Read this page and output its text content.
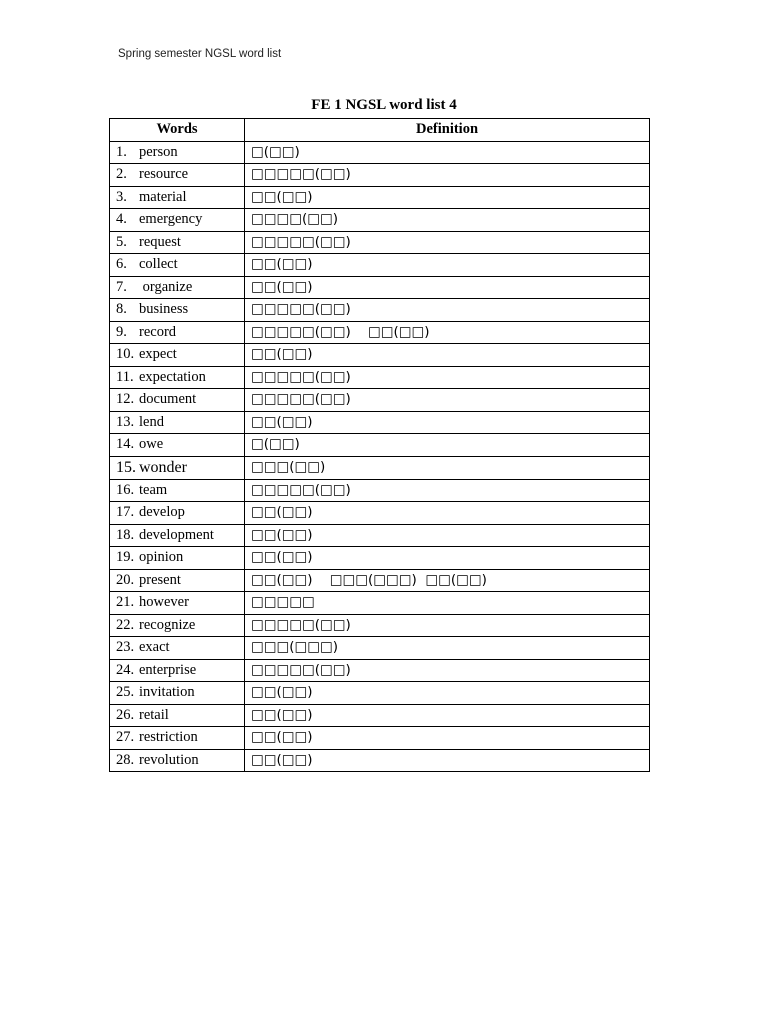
Spring semester NGSL word list
FE 1 NGSL word list 4
Words	Definition
1. person	□(□□)
2. resource	□□□□□(□□)
3. material	□□(□□)
4. emergency	□□□□(□□)
5. request	□□□□□(□□)
6. collect	□□(□□)
7. organize	□□(□□)
8. business	□□□□□(□□)
9. record	□□□□□(□□)    □□(□□)
10. expect	□□(□□)
11. expectation	□□□□□(□□)
12. document	□□□□□(□□)
13. lend	□□(□□)
14. owe	□(□□)
15. wonder	□□□(□□)
16. team	□□□□□(□□)
17. develop	□□(□□)
18. development	□□(□□)
19. opinion	□□(□□)
20. present	□□(□□)    □□□(□□□)  □□(□□)
21. however	□□□□□
22. recognize	□□□□□(□□)
23. exact	□□□(□□□)
24. enterprise	□□□□□(□□)
25. invitation	□□(□□)
26. retail	□□(□□)
27. restriction	□□(□□)
28. revolution	□□(□□)
